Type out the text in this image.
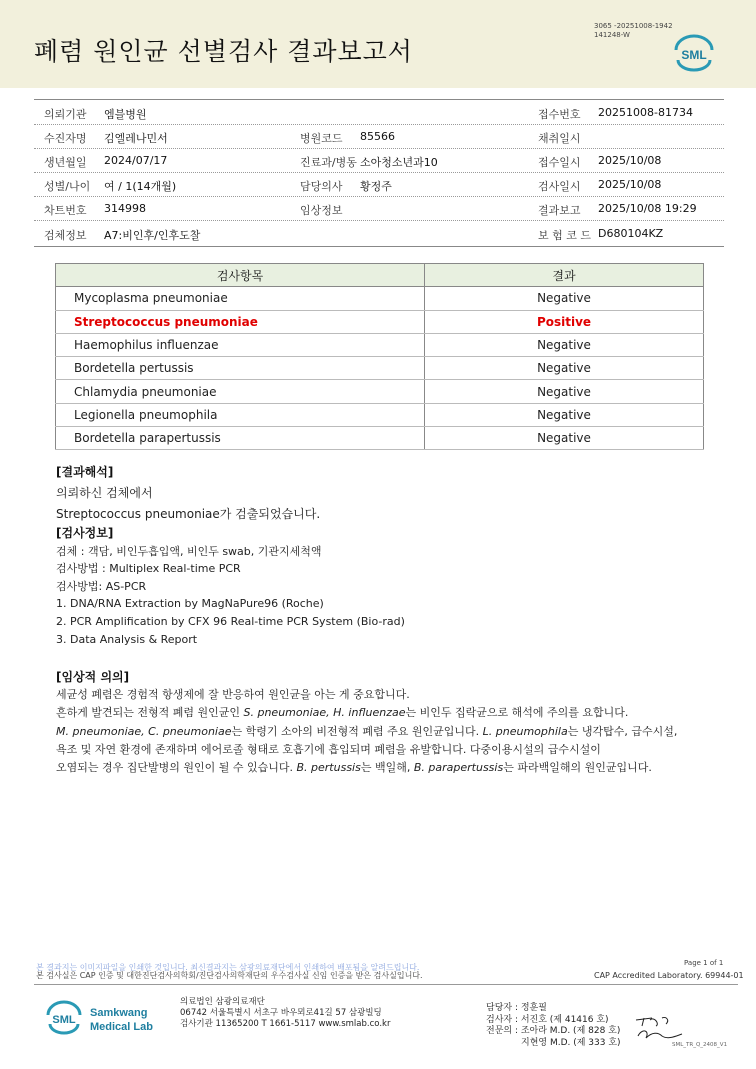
폐렴 원인균 선별검사 결과보고서
3065 -20251008-1942
141248-W
SML
의뢰기관 엠블병원	접수번호 20251008-81734
수진자명 김엘레나민서	병원코드 85566	채취일시
생년월일 2024/07/17	진료과/병동 소아청소년과10	접수일시 2025/10/08
성별/나이 여 / 1(14개월)	담당의사 황정주	검사일시 2025/10/08
차트번호 314998	임상정보	결과보고 2025/10/08 19:29
검체정보 A7:비인후/인후도찰	보 험 코 드 D680104KZ
검사항목	결과
Mycoplasma pneumoniae	Negative
Streptococcus pneumoniae	Positive
Haemophilus influenzae	Negative
Bordetella pertussis	Negative
Chlamydia pneumoniae	Negative
Legionella pneumophila	Negative
Bordetella parapertussis	Negative
[결과해석]
의뢰하신 검체에서
Streptococcus pneumoniae가 검출되었습니다.
[검사정보]
검체 : 객담, 비인두흡입액, 비인두 swab, 기관지세척액
검사방법 : Multiplex Real-time PCR
검사방법: AS-PCR
1. DNA/RNA Extraction by MagNaPure96 (Roche)
2. PCR Amplification by CFX 96 Real-time PCR System (Bio-rad)
3. Data Analysis & Report
[임상적 의의]
세균성 폐렴은 경험적 항생제에 잘 반응하여 원인균을 아는 게 중요합니다.
흔하게 발견되는 전형적 폐렴 원인균인 S. pneumoniae, H. influenzae는 비인두 집락균으로 해석에 주의를 요합니다.
M. pneumoniae, C. pneumoniae는 학령기 소아의 비전형적 폐렴 주요 원인균입니다. L. pneumophila는 냉각탑수, 급수시설,
욕조 및 자연 환경에 존재하며 에어로졸 형태로 호흡기에 흡입되며 폐렴을 유발합니다. 다중이용시설의 급수시설이
오염되는 경우 집단발병의 원인이 될 수 있습니다. B. pertussis는 백일해, B. parapertussis는 파라백일해의 원인균입니다.
본 결과지는 이미지파일을 인쇄한 것입니다. 최신결과지는 삼광의료재단에서 인쇄하여 배포됨을 알려드립니다.
본 검사실은 CAP 인증 및 대한진단검사의학회/진단검사의학재단의 우수검사실 신임 인증을 받은 검사실입니다.
Page 1 of 1
CAP Accredited Laboratory. 69944-01
SML
Samkwang
Medical Lab
의료법인 삼광의료재단
06742 서울특별시 서초구 바우뫼로41길 57 삼광빌딩
검사기관 11365200 T 1661-5117 www.smlab.co.kr
담당자 : 정훈필
검사자 : 서진호 (제 41416 호)
전문의 : 조아라 M.D. (제 828 호)
지현영 M.D. (제 333 호)	SML_TR_Q_2408_V1
